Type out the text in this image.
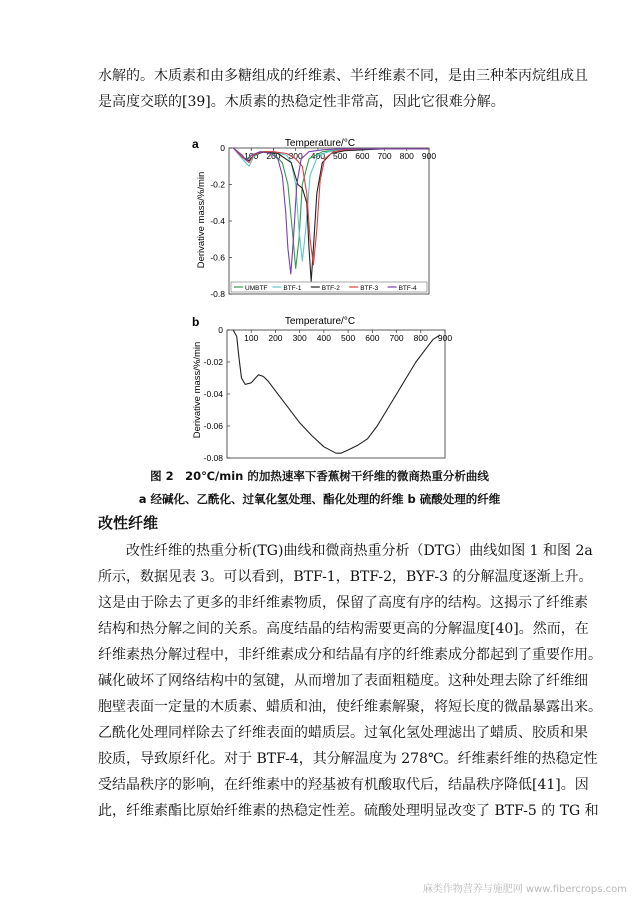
水解的。木质素和由多糖组成的纤维素、半纤维素不同，是由三种苯丙烷组成且
是高度交联的[39]。木质素的热稳定性非常高，因此它很难分解。
a	Temperature/°C
Derivative mass/%/min
0
-0.2
-0.4
-0.6
-0.8
100 200 300 400 500 600 700 800 900
UMBTF BTF-1	BTF-2	BTF-3	BTF-4
b	Temperature/°C
Derivative mass/%/min
0
-0.02
-0.04
-0.06
-0.08
100 200 300 400 500 600 700 800 900
图 2　20℃/min 的加热速率下香蕉树干纤维的微商热重分析曲线
a 经碱化、乙酰化、过氧化氢处理、酯化处理的纤维 b 硫酸处理的纤维
改性纤维
　　改性纤维的热重分析(TG)曲线和微商热重分析（DTG）曲线如图 1 和图 2a
所示，数据见表 3。可以看到，BTF-1，BTF-2，BYF-3 的分解温度逐渐上升。
这是由于除去了更多的非纤维素物质，保留了高度有序的结构。这揭示了纤维素
结构和热分解之间的关系。高度结晶的结构需要更高的分解温度[40]。然而，在
纤维素热分解过程中，非纤维素成分和结晶有序的纤维素成分都起到了重要作用。
碱化破坏了网络结构中的氢键，从而增加了表面粗糙度。这种处理去除了纤维细
胞壁表面一定量的木质素、蜡质和油，使纤维素解聚，将短长度的微晶暴露出来。
乙酰化处理同样除去了纤维表面的蜡质层。过氧化氢处理滤出了蜡质、胶质和果
胶质，导致原纤化。对于 BTF-4，其分解温度为 278℃。纤维素纤维的热稳定性
受结晶秩序的影响，在纤维素中的羟基被有机酸取代后，结晶秩序降低[41]。因
此，纤维素酯比原始纤维素的热稳定性差。硫酸处理明显改变了 BTF-5 的 TG 和
麻类作物营养与施肥网 www.fibercrops.com
